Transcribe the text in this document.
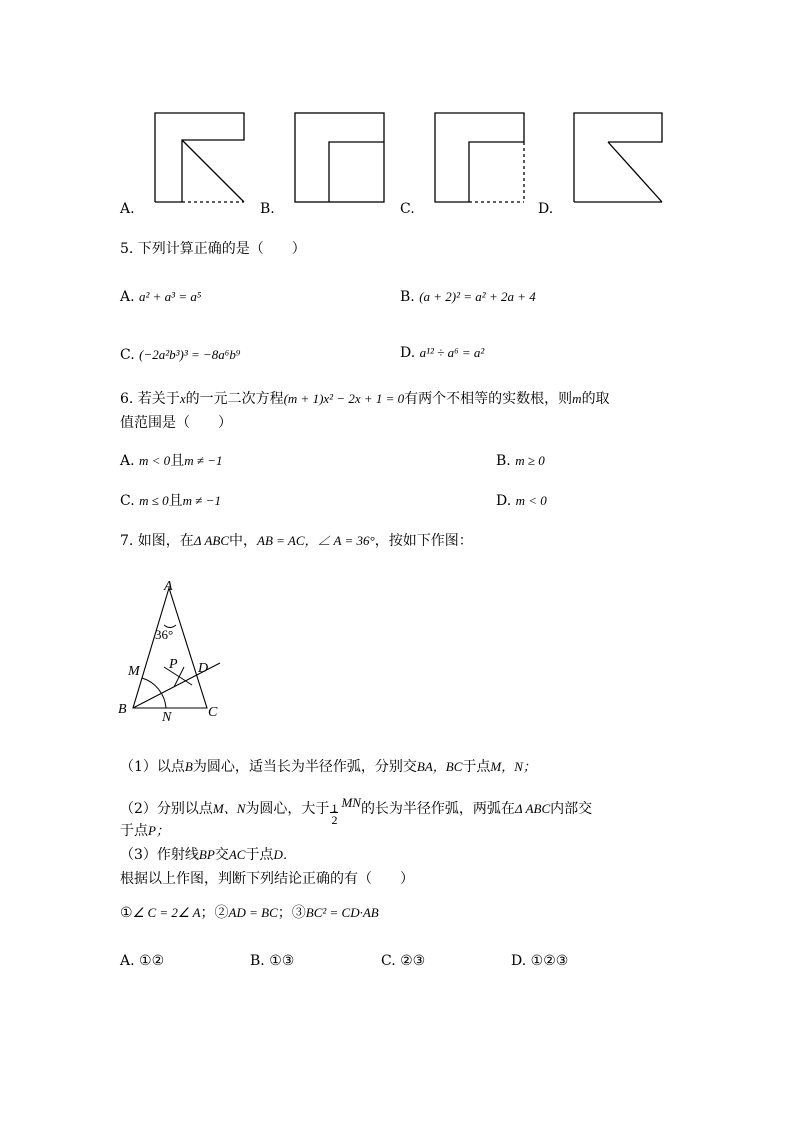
A.	B.	C.	D.
5. 下列计算正确的是（　　）
A. a² + a³ = a⁵	B. (a + 2)² = a² + 2a + 4
C. (−2a²b³)³ = −8a⁶b⁹	D. a¹² ÷ a⁶ = a²
6. 若关于x的一元二次方程(m + 1)x² − 2x + 1 = 0有两个不相等的实数根，则m的取
值范围是（　　）
A. m < 0且m ≠ −1	B. m ≥ 0
C. m ≤ 0且m ≠ −1	D. m < 0
7. 如图，在Δ ABC中，AB = AC，∠ A = 36°，按如下作图：
A
B	C
M
N
P D
36°
（1）以点B为圆心，适当长为半径作弧，分别交BA，BC于点M，N；
（2）分别以点M、N为圆心，大于
$\frac{1}{2}$
MN的长为半径作弧，两弧在Δ ABC内部交
于点P；
（3）作射线BP交AC于点D．
根据以上作图，判断下列结论正确的有（　　）
①∠ C = 2∠ A；②AD = BC；③BC² = CD·AB
A. ①②	B. ①③	C. ②③	D. ①②③
